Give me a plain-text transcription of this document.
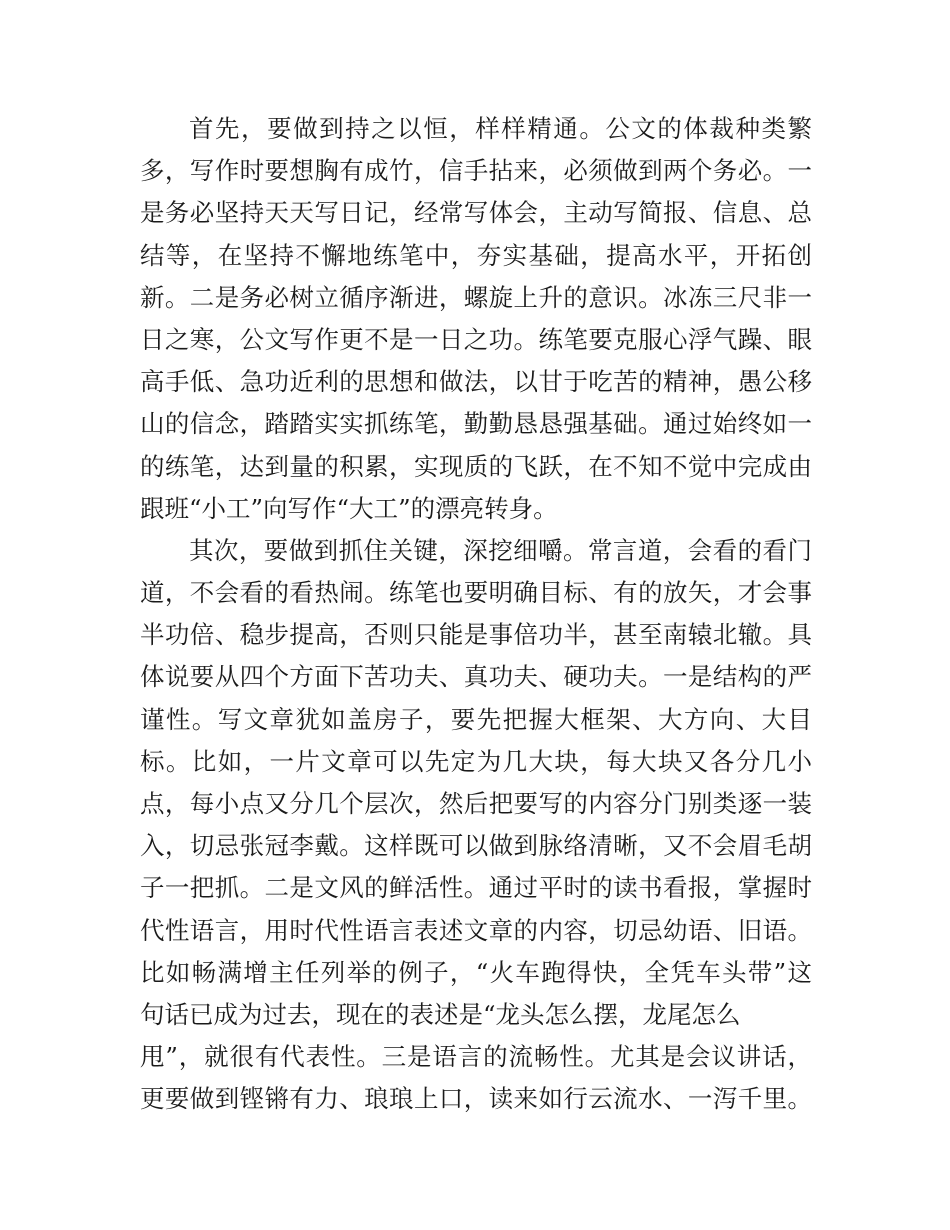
首先，要做到持之以恒，样样精通。公文的体裁种类繁
多，写作时要想胸有成竹，信手拈来，必须做到两个务必。一
是务必坚持天天写日记，经常写体会，主动写简报、信息、总
结等，在坚持不懈地练笔中，夯实基础，提高水平，开拓创
新。二是务必树立循序渐进，螺旋上升的意识。冰冻三尺非一
日之寒，公文写作更不是一日之功。练笔要克服心浮气躁、眼
高手低、急功近利的思想和做法，以甘于吃苦的精神，愚公移
山的信念，踏踏实实抓练笔，勤勤恳恳强基础。通过始终如一
的练笔，达到量的积累，实现质的飞跃，在不知不觉中完成由
跟班“小工”向写作“大工”的漂亮转身。
其次，要做到抓住关键，深挖细嚼。常言道，会看的看门
道，不会看的看热闹。练笔也要明确目标、有的放矢，才会事
半功倍、稳步提高，否则只能是事倍功半，甚至南辕北辙。具
体说要从四个方面下苦功夫、真功夫、硬功夫。一是结构的严
谨性。写文章犹如盖房子，要先把握大框架、大方向、大目
标。比如，一片文章可以先定为几大块，每大块又各分几小
点，每小点又分几个层次，然后把要写的内容分门别类逐一装
入，切忌张冠李戴。这样既可以做到脉络清晰，又不会眉毛胡
子一把抓。二是文风的鲜活性。通过平时的读书看报，掌握时
代性语言，用时代性语言表述文章的内容，切忌幼语、旧语。
比如畅满增主任列举的例子，“火车跑得快，全凭车头带”这
句话已成为过去，现在的表述是“龙头怎么摆，龙尾怎么
甩”，就很有代表性。三是语言的流畅性。尤其是会议讲话，
更要做到铿锵有力、琅琅上口，读来如行云流水、一泻千里。
